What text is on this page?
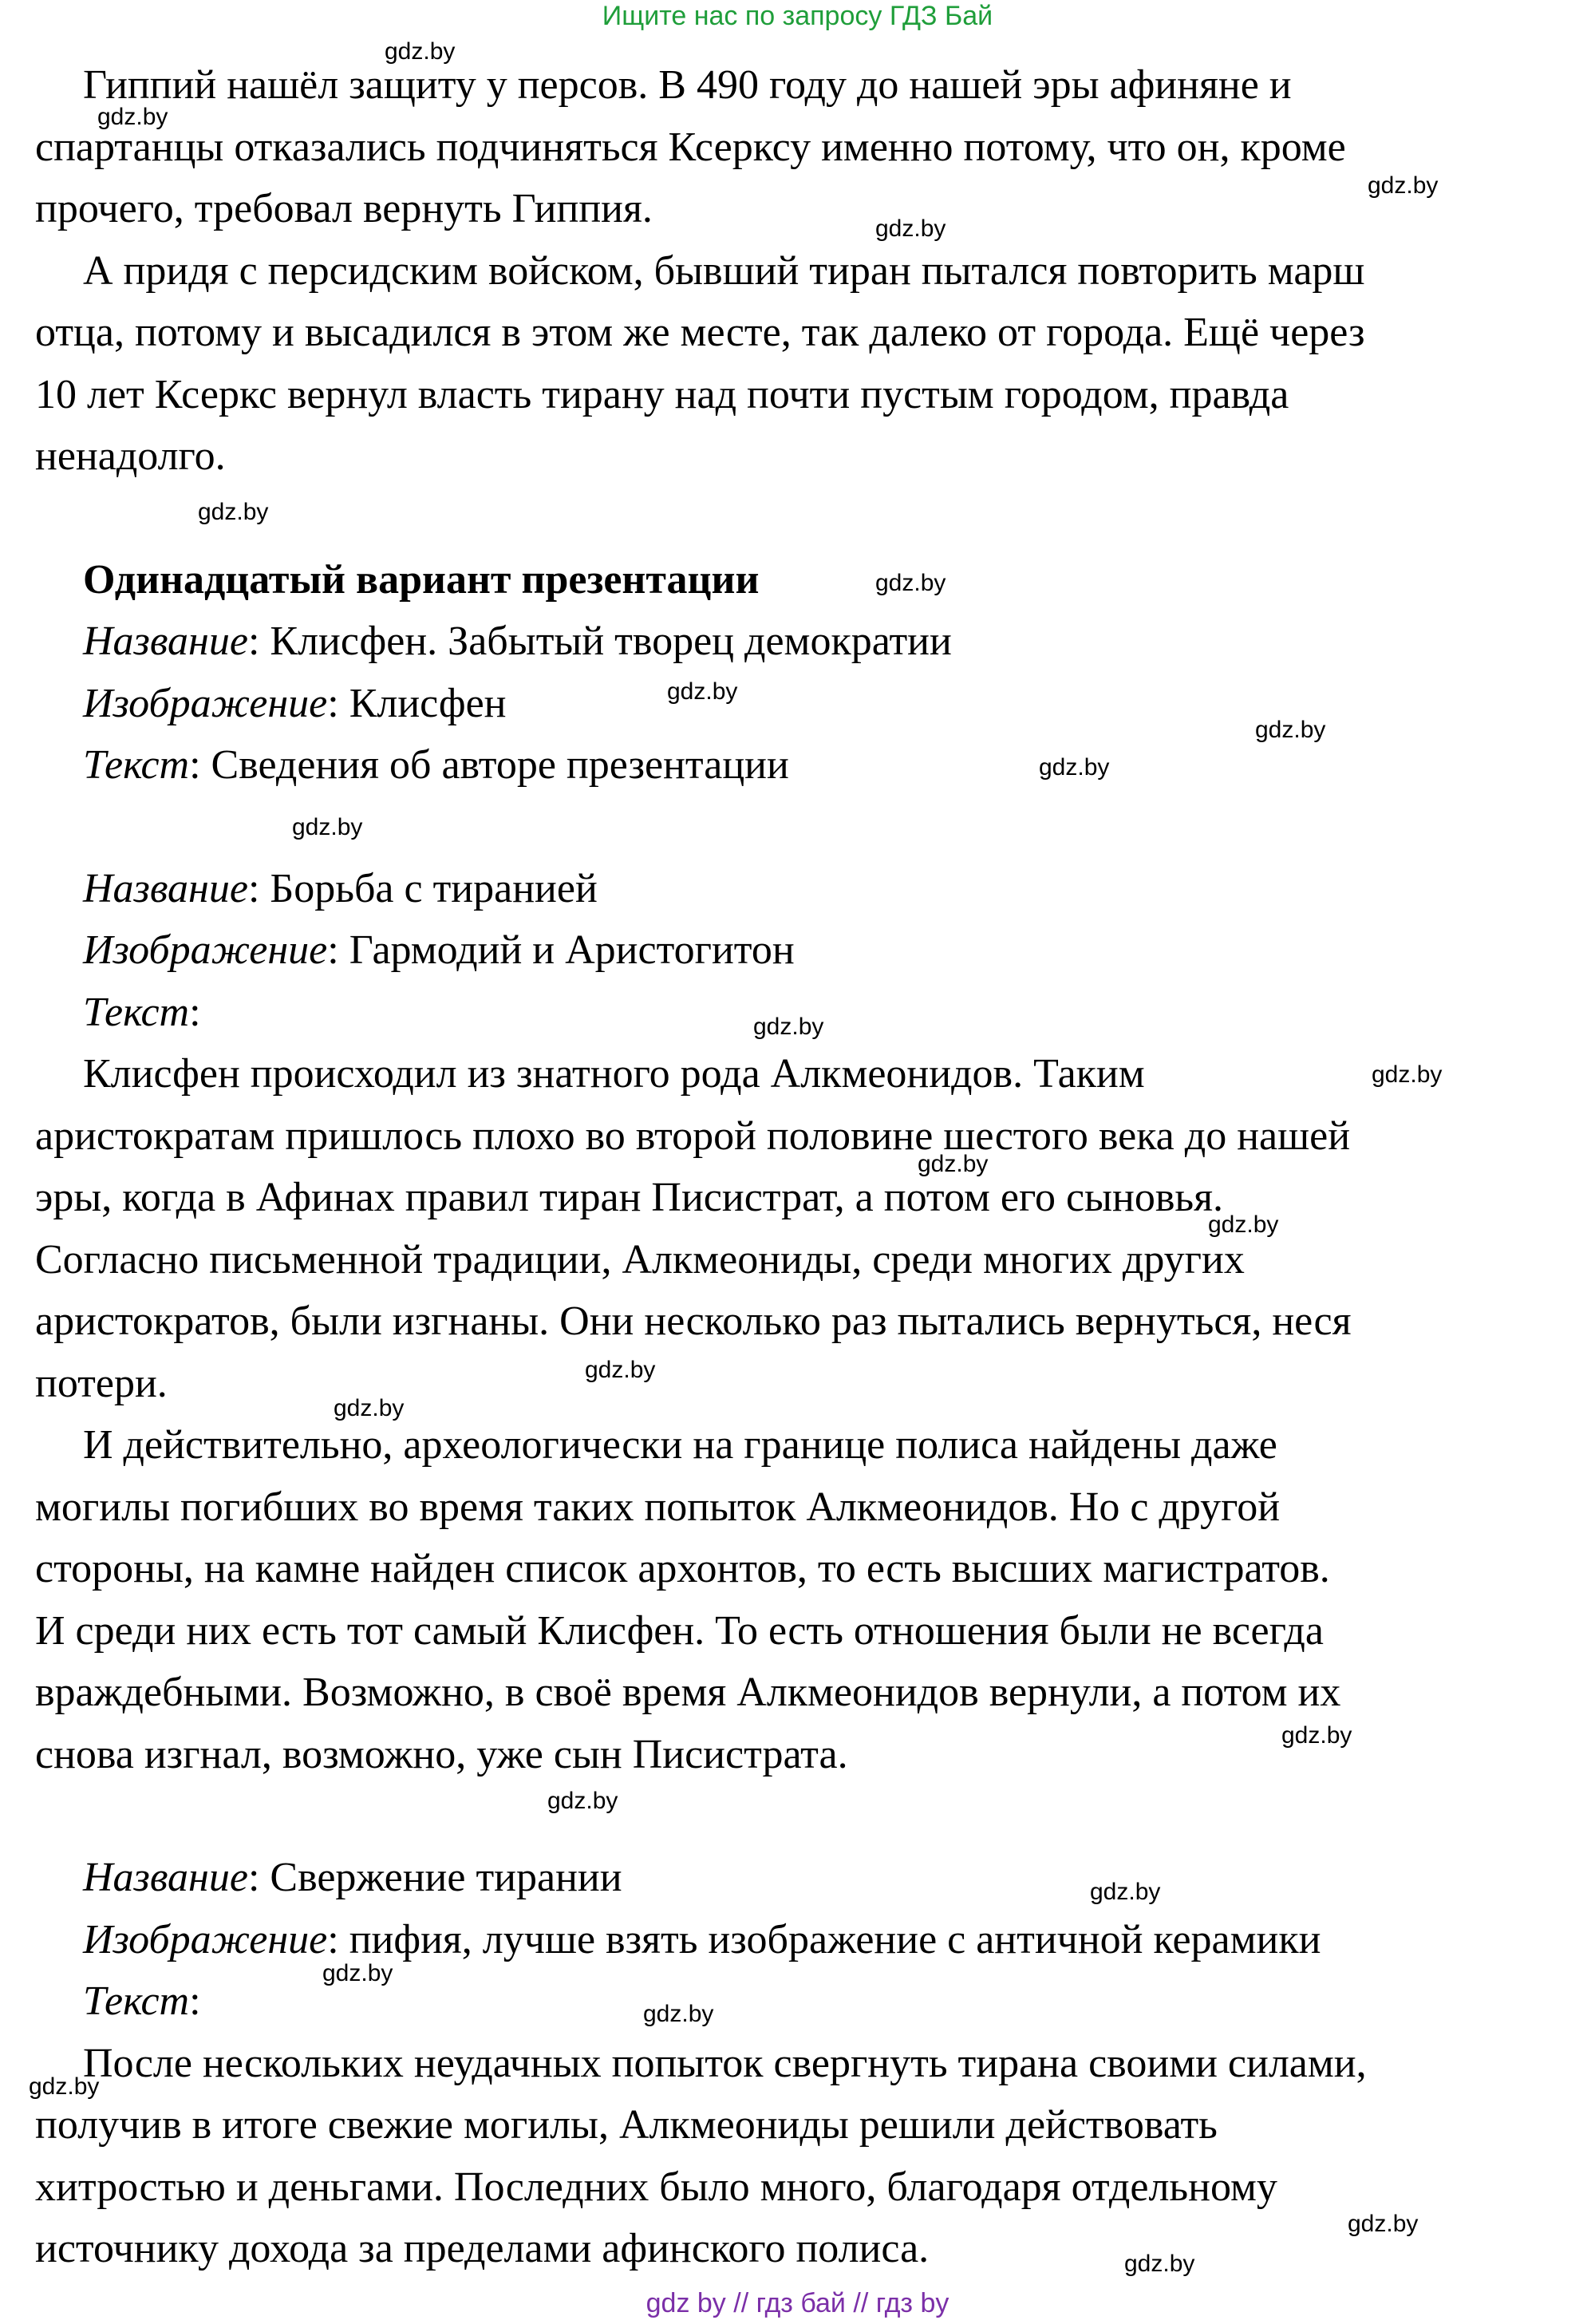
Ищите нас по запросу ГДЗ Бай

Гиппий нашёл защиту у персов. В 490 году до нашей эры афиняне и
спартанцы отказались подчиняться Ксерксу именно потому, что он, кроме
прочего, требовал вернуть Гиппия.

А придя с персидским войском, бывший тиран пытался повторить марш
отца, потому и высадился в этом же месте, так далеко от города. Ещё через
10 лет Ксеркс вернул власть тирану над почти пустым городом, правда
ненадолго.

Одинадцатый вариант презентации

Название: Клисфен. Забытый творец демократии

Изображение: Клисфен

Текст: Сведения об авторе презентации

Название: Борьба с тиранией

Изображение: Гармодий и Аристогитон

Текст:

Клисфен происходил из знатного рода Алкмеонидов. Таким
аристократам пришлось плохо во второй половине шестого века до нашей
эры, когда в Афинах правил тиран Писистрат, а потом его сыновья.
Согласно письменной традиции, Алкмеониды, среди многих других
аристократов, были изгнаны. Они несколько раз пытались вернуться, неся
потери.

И действительно, археологически на границе полиса найдены даже
могилы погибших во время таких попыток Алкмеонидов. Но с другой
стороны, на камне найден список архонтов, то есть высших магистратов.
И среди них есть тот самый Клисфен. То есть отношения были не всегда
враждебными. Возможно, в своё время Алкмеонидов вернули, а потом их
снова изгнал, возможно, уже сын Писистрата.

Название: Свержение тирании

Изображение: пифия, лучше взять изображение с античной керамики

Текст:

После нескольких неудачных попыток свергнуть тирана своими силами,
получив в итоге свежие могилы, Алкмеониды решили действовать
хитростью и деньгами. Последних было много, благодаря отдельному
источнику дохода за пределами афинского полиса.

gdz.by
gdz.by
gdz.by
gdz.by
gdz.by
gdz.by
gdz.by
gdz.by
gdz.by
gdz.by
gdz.by
gdz.by
gdz.by
gdz.by
gdz.by
gdz.by
gdz.by
gdz.by
gdz.by
gdz.by
gdz.by
gdz.by
gdz.by
gdz.by
gdz by // гдз бай // гдз by
